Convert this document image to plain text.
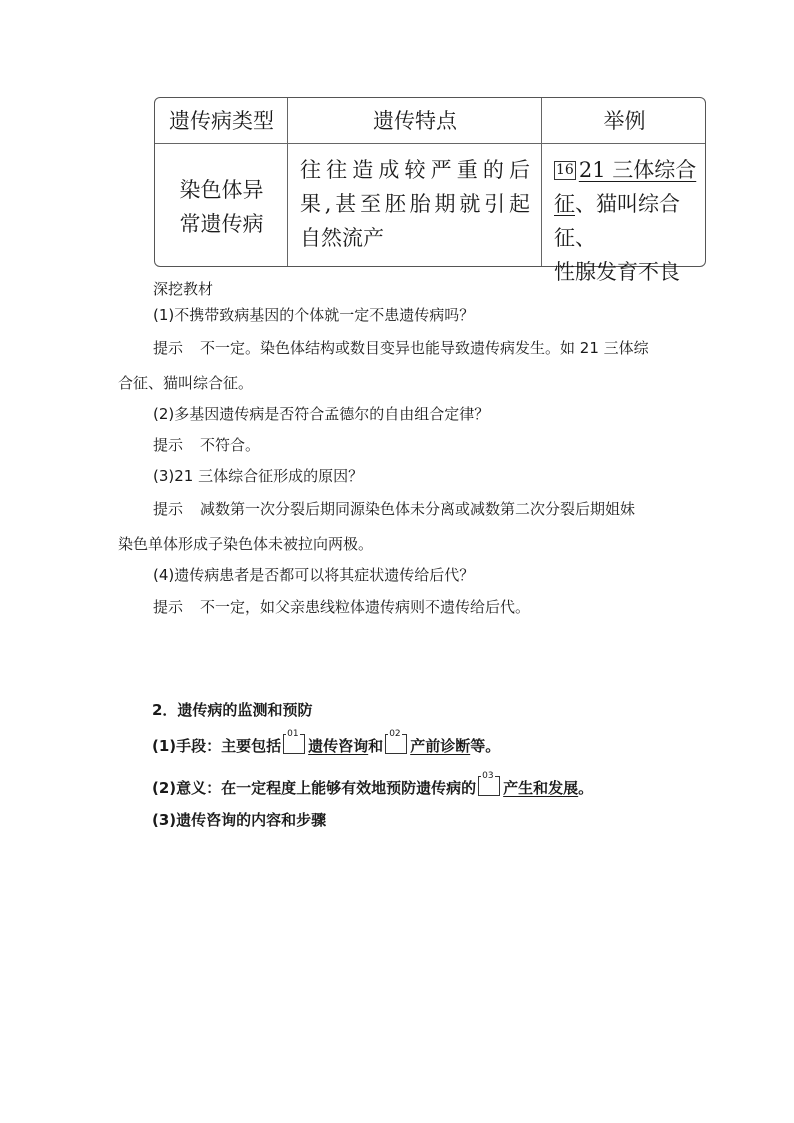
遗传病类型	遗传特点	举例
染色体异
常遗传病
往往造成较严重的后
果,甚至胚胎期就引起
自然流产
16 21 三体综合
征、猫叫综合征、
性腺发育不良
深挖教材
(1)不携带致病基因的个体就一定不患遗传病吗？
提示 不一定。染色体结构或数目变异也能导致遗传病发生。如 21 三体综
合征、猫叫综合征。
(2)多基因遗传病是否符合孟德尔的自由组合定律？
提示 不符合。
(3)21 三体综合征形成的原因？
提示 减数第一次分裂后期同源染色体未分离或减数第二次分裂后期姐妹
染色单体形成子染色体未被拉向两极。
(4)遗传病患者是否都可以将其症状遗传给后代？
提示 不一定，如父亲患线粒体遗传病则不遗传给后代。
2．遗传病的监测和预防
(1)手段：主要包括
01
遗传咨询和
02
产前诊断等。
(2)意义：在一定程度上能够有效地预防遗传病的
03
产生和发展。
(3)遗传咨询的内容和步骤
